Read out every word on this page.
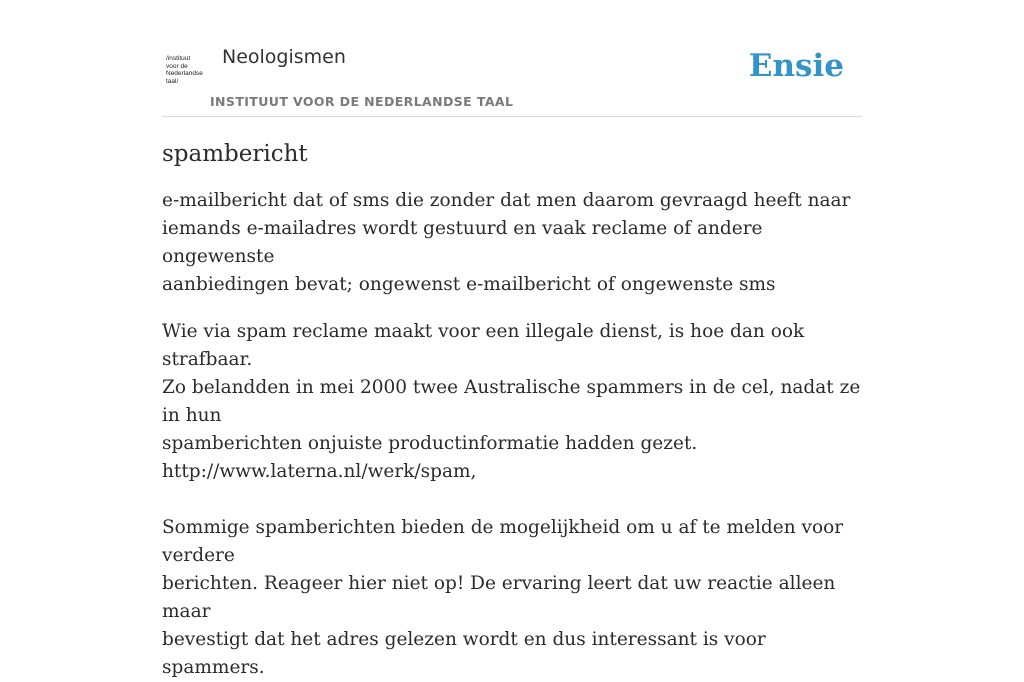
/instituut
voor de
Nederlandse
taal/
Neologismen
INSTITUUT VOOR DE NEDERLANDSE TAAL
Ensie
spambericht

e-mailbericht dat of sms die zonder dat men daarom gevraagd heeft naar
iemands e-mailadres wordt gestuurd en vaak reclame of andere ongewenste
aanbiedingen bevat; ongewenst e-mailbericht of ongewenste sms

Wie via spam reclame maakt voor een illegale dienst, is hoe dan ook strafbaar.
Zo belandden in mei 2000 twee Australische spammers in de cel, nadat ze in hun
spamberichten onjuiste productinformatie hadden gezet.
http://www.laterna.nl/werk/spam,

Sommige spamberichten bieden de mogelijkheid om u af te melden voor verdere
berichten. Reageer hier niet op! De ervaring leert dat uw reactie alleen maar
bevestigt dat het adres gelezen wordt en dus interessant is voor spammers.
